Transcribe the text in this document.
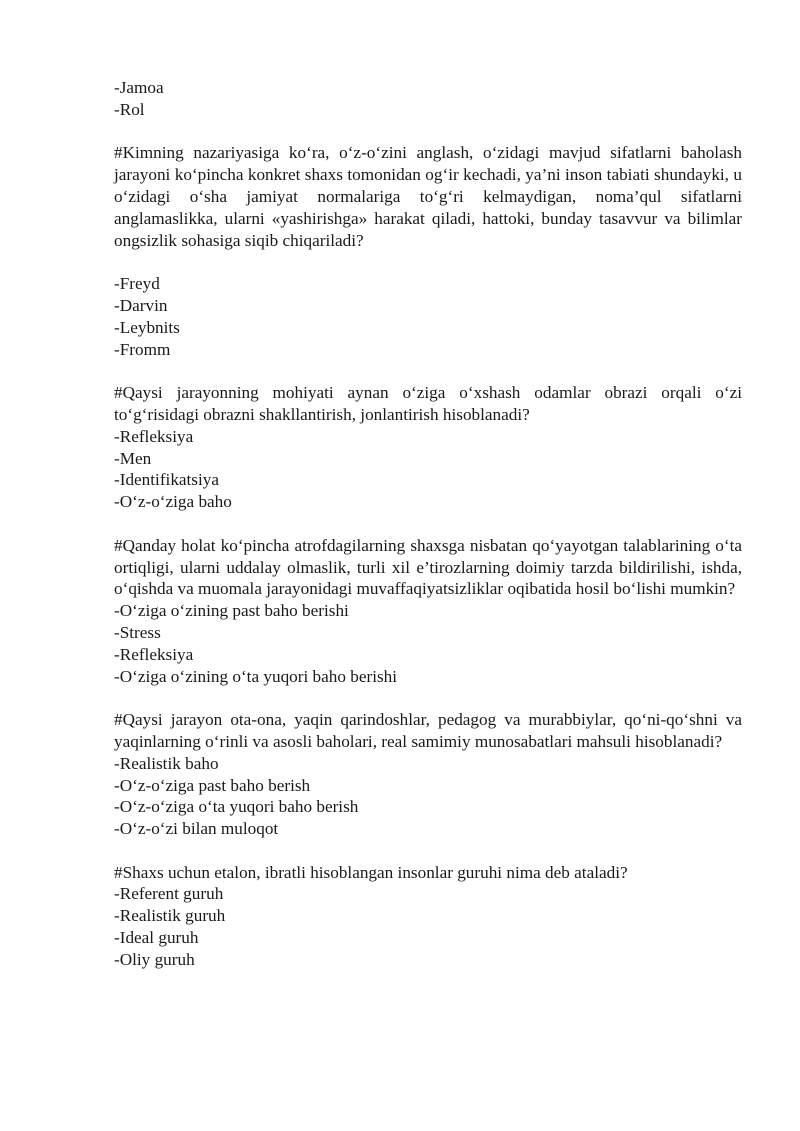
-Jamoa

-Rol

#Kimning nazariyasiga ko‘ra, o‘z-o‘zini anglash, o‘zidagi mavjud sifatlarni baholash jarayoni ko‘pincha konkret shaxs tomonidan og‘ir kechadi, ya’ni inson tabiati shundayki, u o‘zidagi o‘sha jamiyat normalariga to‘g‘ri kelmaydigan, noma’qul sifatlarni anglamaslikka, ularni «yashirishga» harakat qiladi, hattoki, bunday tasavvur va bilimlar ongsizlik sohasiga siqib chiqariladi?

-Freyd

-Darvin

-Leybnits

-Fromm

#Qaysi jarayonning mohiyati aynan o‘ziga o‘xshash odamlar obrazi orqali o‘zi to‘g‘risidagi obrazni shakllantirish, jonlantirish hisoblanadi?

-Refleksiya

-Men

-Identifikatsiya

-O‘z-o‘ziga baho

#Qanday holat ko‘pincha atrofdagilarning shaxsga nisbatan qo‘yayotgan talablarining o‘ta ortiqligi, ularni uddalay olmaslik, turli xil e’tirozlarning doimiy tarzda bildirilishi, ishda, o‘qishda va muomala jarayonidagi muvaffaqiyatsizliklar oqibatida hosil bo‘lishi mumkin?

-O‘ziga o‘zining past baho berishi

-Stress

-Refleksiya

-O‘ziga o‘zining o‘ta yuqori baho berishi

#Qaysi jarayon ota-ona, yaqin qarindoshlar, pedagog va murabbiylar, qo‘ni-qo‘shni va yaqinlarning o‘rinli va asosli baholari, real samimiy munosabatlari mahsuli hisoblanadi?

-Realistik baho

-O‘z-o‘ziga past baho berish

-O‘z-o‘ziga o‘ta yuqori baho berish

-O‘z-o‘zi bilan muloqot

#Shaxs uchun etalon, ibratli hisoblangan insonlar guruhi nima deb ataladi?

-Referent guruh

-Realistik guruh

-Ideal guruh

-Oliy guruh
